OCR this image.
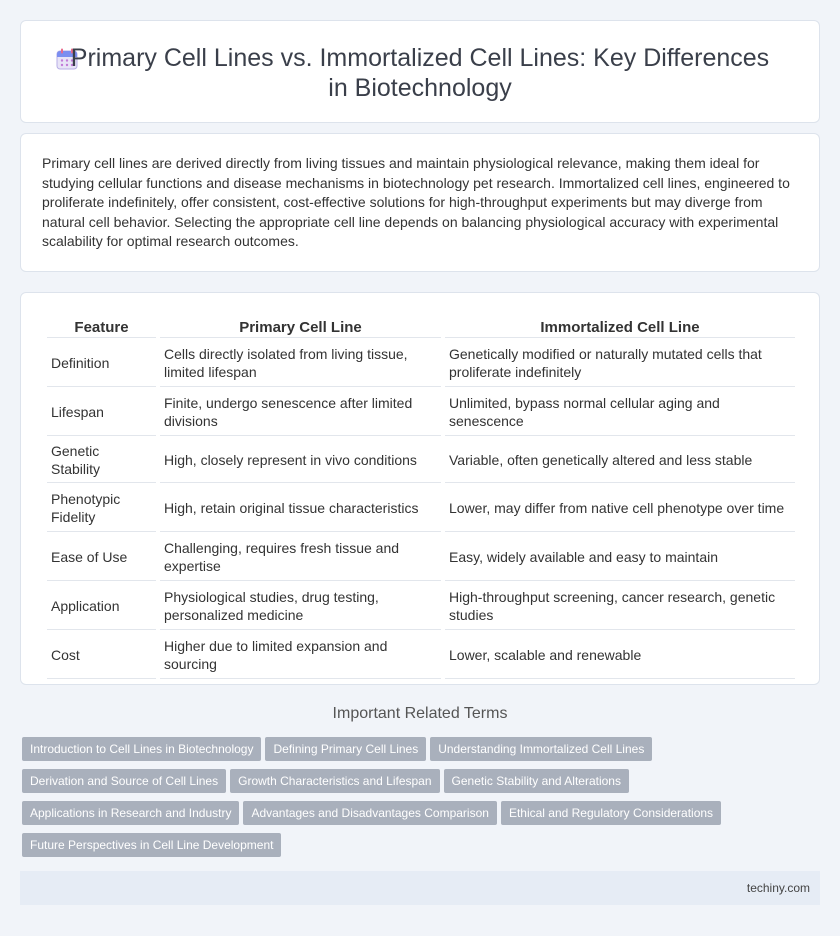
Primary Cell Lines vs. Immortalized Cell Lines: Key Differences in Biotechnology

Primary cell lines are derived directly from living tissues and maintain physiological relevance, making them ideal for studying cellular functions and disease mechanisms in biotechnology pet research. Immortalized cell lines, engineered to proliferate indefinitely, offer consistent, cost-effective solutions for high-throughput experiments but may diverge from natural cell behavior. Selecting the appropriate cell line depends on balancing physiological accuracy with experimental scalability for optimal research outcomes.

Feature	Primary Cell Line	Immortalized Cell Line
Definition	Cells directly isolated from living tissue, limited lifespan	Genetically modified or naturally mutated cells that proliferate indefinitely
Lifespan	Finite, undergo senescence after limited divisions	Unlimited, bypass normal cellular aging and senescence
Genetic Stability	High, closely represent in vivo conditions	Variable, often genetically altered and less stable
Phenotypic Fidelity	High, retain original tissue characteristics	Lower, may differ from native cell phenotype over time
Ease of Use	Challenging, requires fresh tissue and expertise	Easy, widely available and easy to maintain
Application	Physiological studies, drug testing, personalized medicine	High-throughput screening, cancer research, genetic studies
Cost	Higher due to limited expansion and sourcing	Lower, scalable and renewable
Important Related Terms
Introduction to Cell Lines in Biotechnology Defining Primary Cell Lines Understanding Immortalized Cell Lines
Derivation and Source of Cell Lines Growth Characteristics and Lifespan Genetic Stability and Alterations
Applications in Research and Industry Advantages and Disadvantages Comparison Ethical and Regulatory Considerations
Future Perspectives in Cell Line Development
techiny.com
